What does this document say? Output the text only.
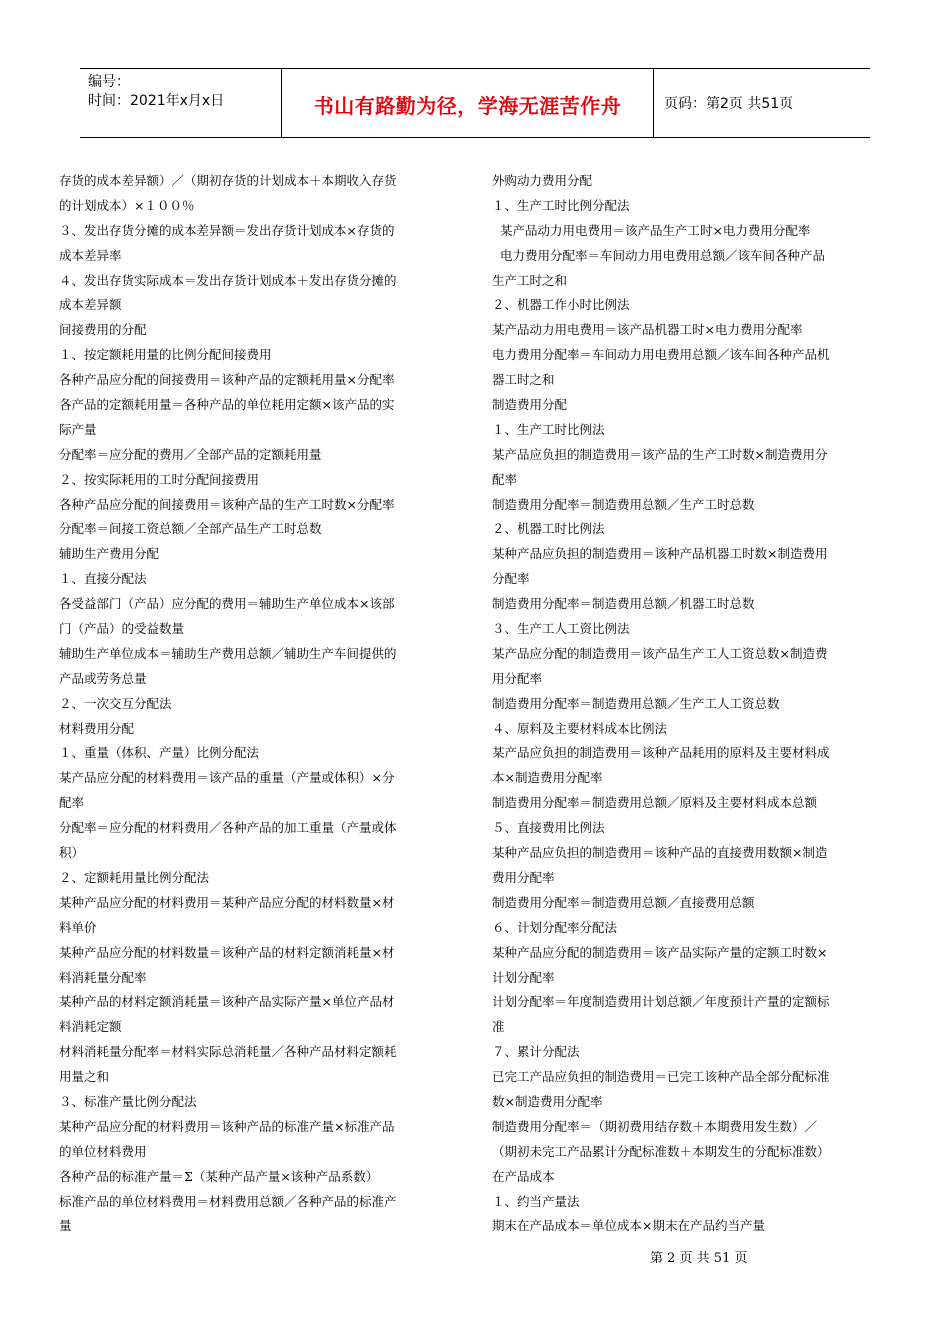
编号：
时间：2021年x月x日	书山有路勤为径，学海无涯苦作舟	页码：第2页 共51页
存货的成本差异额）／（期初存货的计划成本＋本期收入存货
的计划成本）×１００％
３、发出存货分摊的成本差异额＝发出存货计划成本×存货的
成本差异率
４、发出存货实际成本＝发出存货计划成本＋发出存货分摊的
成本差异额
间接费用的分配
１、按定额耗用量的比例分配间接费用
各种产品应分配的间接费用＝该种产品的定额耗用量×分配率
各产品的定额耗用量＝各种产品的单位耗用定额×该产品的实
际产量
分配率＝应分配的费用／全部产品的定额耗用量
２、按实际耗用的工时分配间接费用
各种产品应分配的间接费用＝该种产品的生产工时数×分配率
分配率＝间接工资总额／全部产品生产工时总数
辅助生产费用分配
１、直接分配法
各受益部门（产品）应分配的费用＝辅助生产单位成本×该部
门（产品）的受益数量
辅助生产单位成本＝辅助生产费用总额／辅助生产车间提供的
产品或劳务总量
２、一次交互分配法
材料费用分配
１、重量（体积、产量）比例分配法
某产品应分配的材料费用＝该产品的重量（产量或体积）×分
配率
分配率＝应分配的材料费用／各种产品的加工重量（产量或体
积）
２、定额耗用量比例分配法
某种产品应分配的材料费用＝某种产品应分配的材料数量×材
料单价
某种产品应分配的材料数量＝该种产品的材料定额消耗量×材
料消耗量分配率
某种产品的材料定额消耗量＝该种产品实际产量×单位产品材
料消耗定额
材料消耗量分配率＝材料实际总消耗量／各种产品材料定额耗
用量之和
３、标准产量比例分配法
某种产品应分配的材料费用＝该种产品的标准产量×标准产品
的单位材料费用
各种产品的标准产量＝Σ（某种产品产量×该种产品系数）
标准产品的单位材料费用＝材料费用总额／各种产品的标准产
量
外购动力费用分配
１、生产工时比例分配法
某产品动力用电费用＝该产品生产工时×电力费用分配率
电力费用分配率＝车间动力用电费用总额／该车间各种产品
生产工时之和
２、机器工作小时比例法
某产品动力用电费用＝该产品机器工时×电力费用分配率
电力费用分配率＝车间动力用电费用总额／该车间各种产品机
器工时之和
制造费用分配
１、生产工时比例法
某产品应负担的制造费用＝该产品的生产工时数×制造费用分
配率
制造费用分配率＝制造费用总额／生产工时总数
２、机器工时比例法
某种产品应负担的制造费用＝该种产品机器工时数×制造费用
分配率
制造费用分配率＝制造费用总额／机器工时总数
３、生产工人工资比例法
某产品应分配的制造费用＝该产品生产工人工资总数×制造费
用分配率
制造费用分配率＝制造费用总额／生产工人工资总数
４、原料及主要材料成本比例法
某产品应负担的制造费用＝该种产品耗用的原料及主要材料成
本×制造费用分配率
制造费用分配率＝制造费用总额／原料及主要材料成本总额
５、直接费用比例法
某种产品应负担的制造费用＝该种产品的直接费用数额×制造
费用分配率
制造费用分配率＝制造费用总额／直接费用总额
６、计划分配率分配法
某种产品应分配的制造费用＝该产品实际产量的定额工时数×
计划分配率
计划分配率＝年度制造费用计划总额／年度预计产量的定额标
准
７、累计分配法
已完工产品应负担的制造费用＝已完工该种产品全部分配标准
数×制造费用分配率
制造费用分配率＝（期初费用结存数＋本期费用发生数）／
（期初未完工产品累计分配标准数＋本期发生的分配标准数）
在产品成本
１、约当产量法
期末在产品成本＝单位成本×期末在产品约当产量
第 2 页 共 51 页
